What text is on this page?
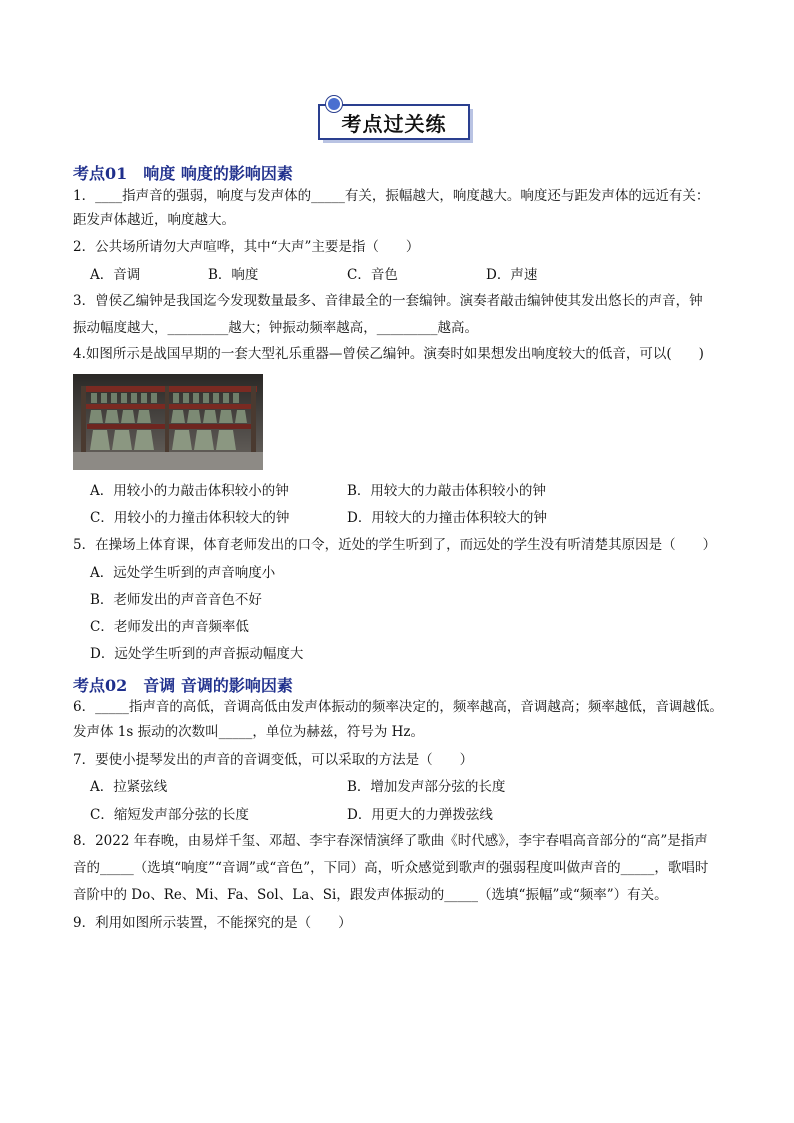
考点过关练
考点01　响度 响度的影响因素
1．____指声音的强弱，响度与发声体的_____有关，振幅越大，响度越大。响度还与距发声体的远近有关：
距发声体越近，响度越大。
2．公共场所请勿大声喧哗，其中“大声”主要是指（　　）
A．音调	B．响度	C．音色	D．声速
3．曾侯乙编钟是我国迄今发现数量最多、音律最全的一套编钟。演奏者敲击编钟使其发出悠长的声音，钟
振动幅度越大，_________越大；钟振动频率越高，_________越高。
4.如图所示是战国早期的一套大型礼乐重器—曾侯乙编钟。演奏时如果想发出响度较大的低音，可以(　　)
A．用较小的力敲击体积较小的钟	B．用较大的力敲击体积较小的钟
C．用较小的力撞击体积较大的钟	D．用较大的力撞击体积较大的钟
5．在操场上体育课，体育老师发出的口令，近处的学生听到了，而远处的学生没有听清楚其原因是（　　）
A．远处学生听到的声音响度小
B．老师发出的声音音色不好
C．老师发出的声音频率低
D．远处学生听到的声音振动幅度大
考点02　音调 音调的影响因素
6．_____指声音的高低，音调高低由发声体振动的频率决定的，频率越高，音调越高；频率越低，音调越低。
发声体 1s 振动的次数叫_____，单位为赫兹，符号为 Hz。
7．要使小提琴发出的声音的音调变低，可以采取的方法是（　　）
A．拉紧弦线	B．增加发声部分弦的长度
C．缩短发声部分弦的长度	D．用更大的力弹拨弦线
8．2022 年春晚，由易烊千玺、邓超、李宇春深情演绎了歌曲《时代感》，李宇春唱高音部分的“高”是指声
音的_____（选填“响度”“音调”或“音色”，下同）高，听众感觉到歌声的强弱程度叫做声音的_____，歌唱时
音阶中的 Do、Re、Mi、Fa、Sol、La、Si，跟发声体振动的_____（选填“振幅”或“频率”）有关。
9．利用如图所示装置，不能探究的是（　　）
